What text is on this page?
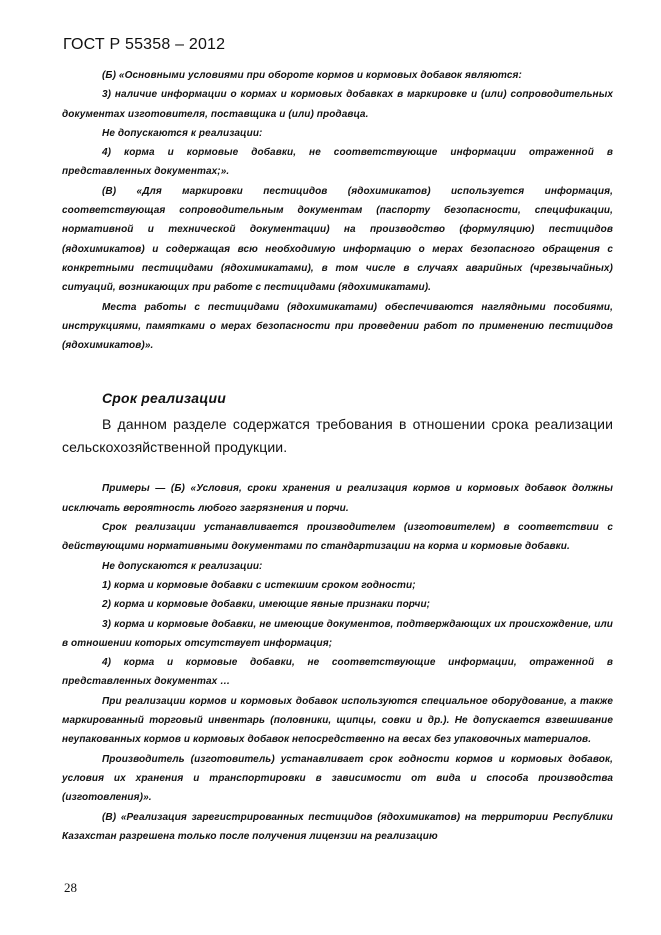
ГОСТ Р 55358 – 2012

(Б) «Основными условиями при обороте кормов и кормовых добавок являются:

3) наличие информации о кормах и кормовых добавках в маркировке и (или) сопроводительных документах изготовителя, поставщика и (или) продавца.

Не допускаются к реализации:

4) корма и кормовые добавки, не соответствующие информации отраженной в представленных документах;».

(В) «Для маркировки пестицидов (ядохимикатов) используется информация, соответствующая сопроводительным документам (паспорту безопасности, спецификации, нормативной и технической документации) на производство (формуляцию) пестицидов (ядохимикатов) и содержащая всю необходимую информацию о мерах безопасного обращения с конкретными пестицидами (ядохимикатами), в том числе в случаях аварийных (чрезвычайных) ситуаций, возникающих при работе с пестицидами (ядохимикатами).

Места работы с пестицидами (ядохимикатами) обеспечиваются наглядными пособиями, инструкциями, памятками о мерах безопасности при проведении работ по применению пестицидов (ядохимикатов)».

Срок реализации

В данном разделе содержатся требования в отношении срока реализации сельскохозяйственной продукции.

Примеры — (Б) «Условия, сроки хранения и реализация кормов и кормовых добавок должны исключать вероятность любого загрязнения и порчи.

Срок реализации устанавливается производителем (изготовителем) в соответствии с действующими нормативными документами по стандартизации на корма и кормовые добавки.

Не допускаются к реализации:

1) корма и кормовые добавки с истекшим сроком годности;

2) корма и кормовые добавки, имеющие явные признаки порчи;

3) корма и кормовые добавки, не имеющие документов, подтверждающих их происхождение, или в отношении которых отсутствует информация;

4) корма и кормовые добавки, не соответствующие информации, отраженной в представленных документах …

При реализации кормов и кормовых добавок используются специальное оборудование, а также маркированный торговый инвентарь (половники, щипцы, совки и др.). Не допускается взвешивание неупакованных кормов и кормовых добавок непосредственно на весах без упаковочных материалов.

Производитель (изготовитель) устанавливает срок годности кормов и кормовых добавок, условия их хранения и транспортировки в зависимости от вида и способа производства (изготовления)».

(В) «Реализация зарегистрированных пестицидов (ядохимикатов) на территории Республики Казахстан разрешена только после получения лицензии на реализацию

28
